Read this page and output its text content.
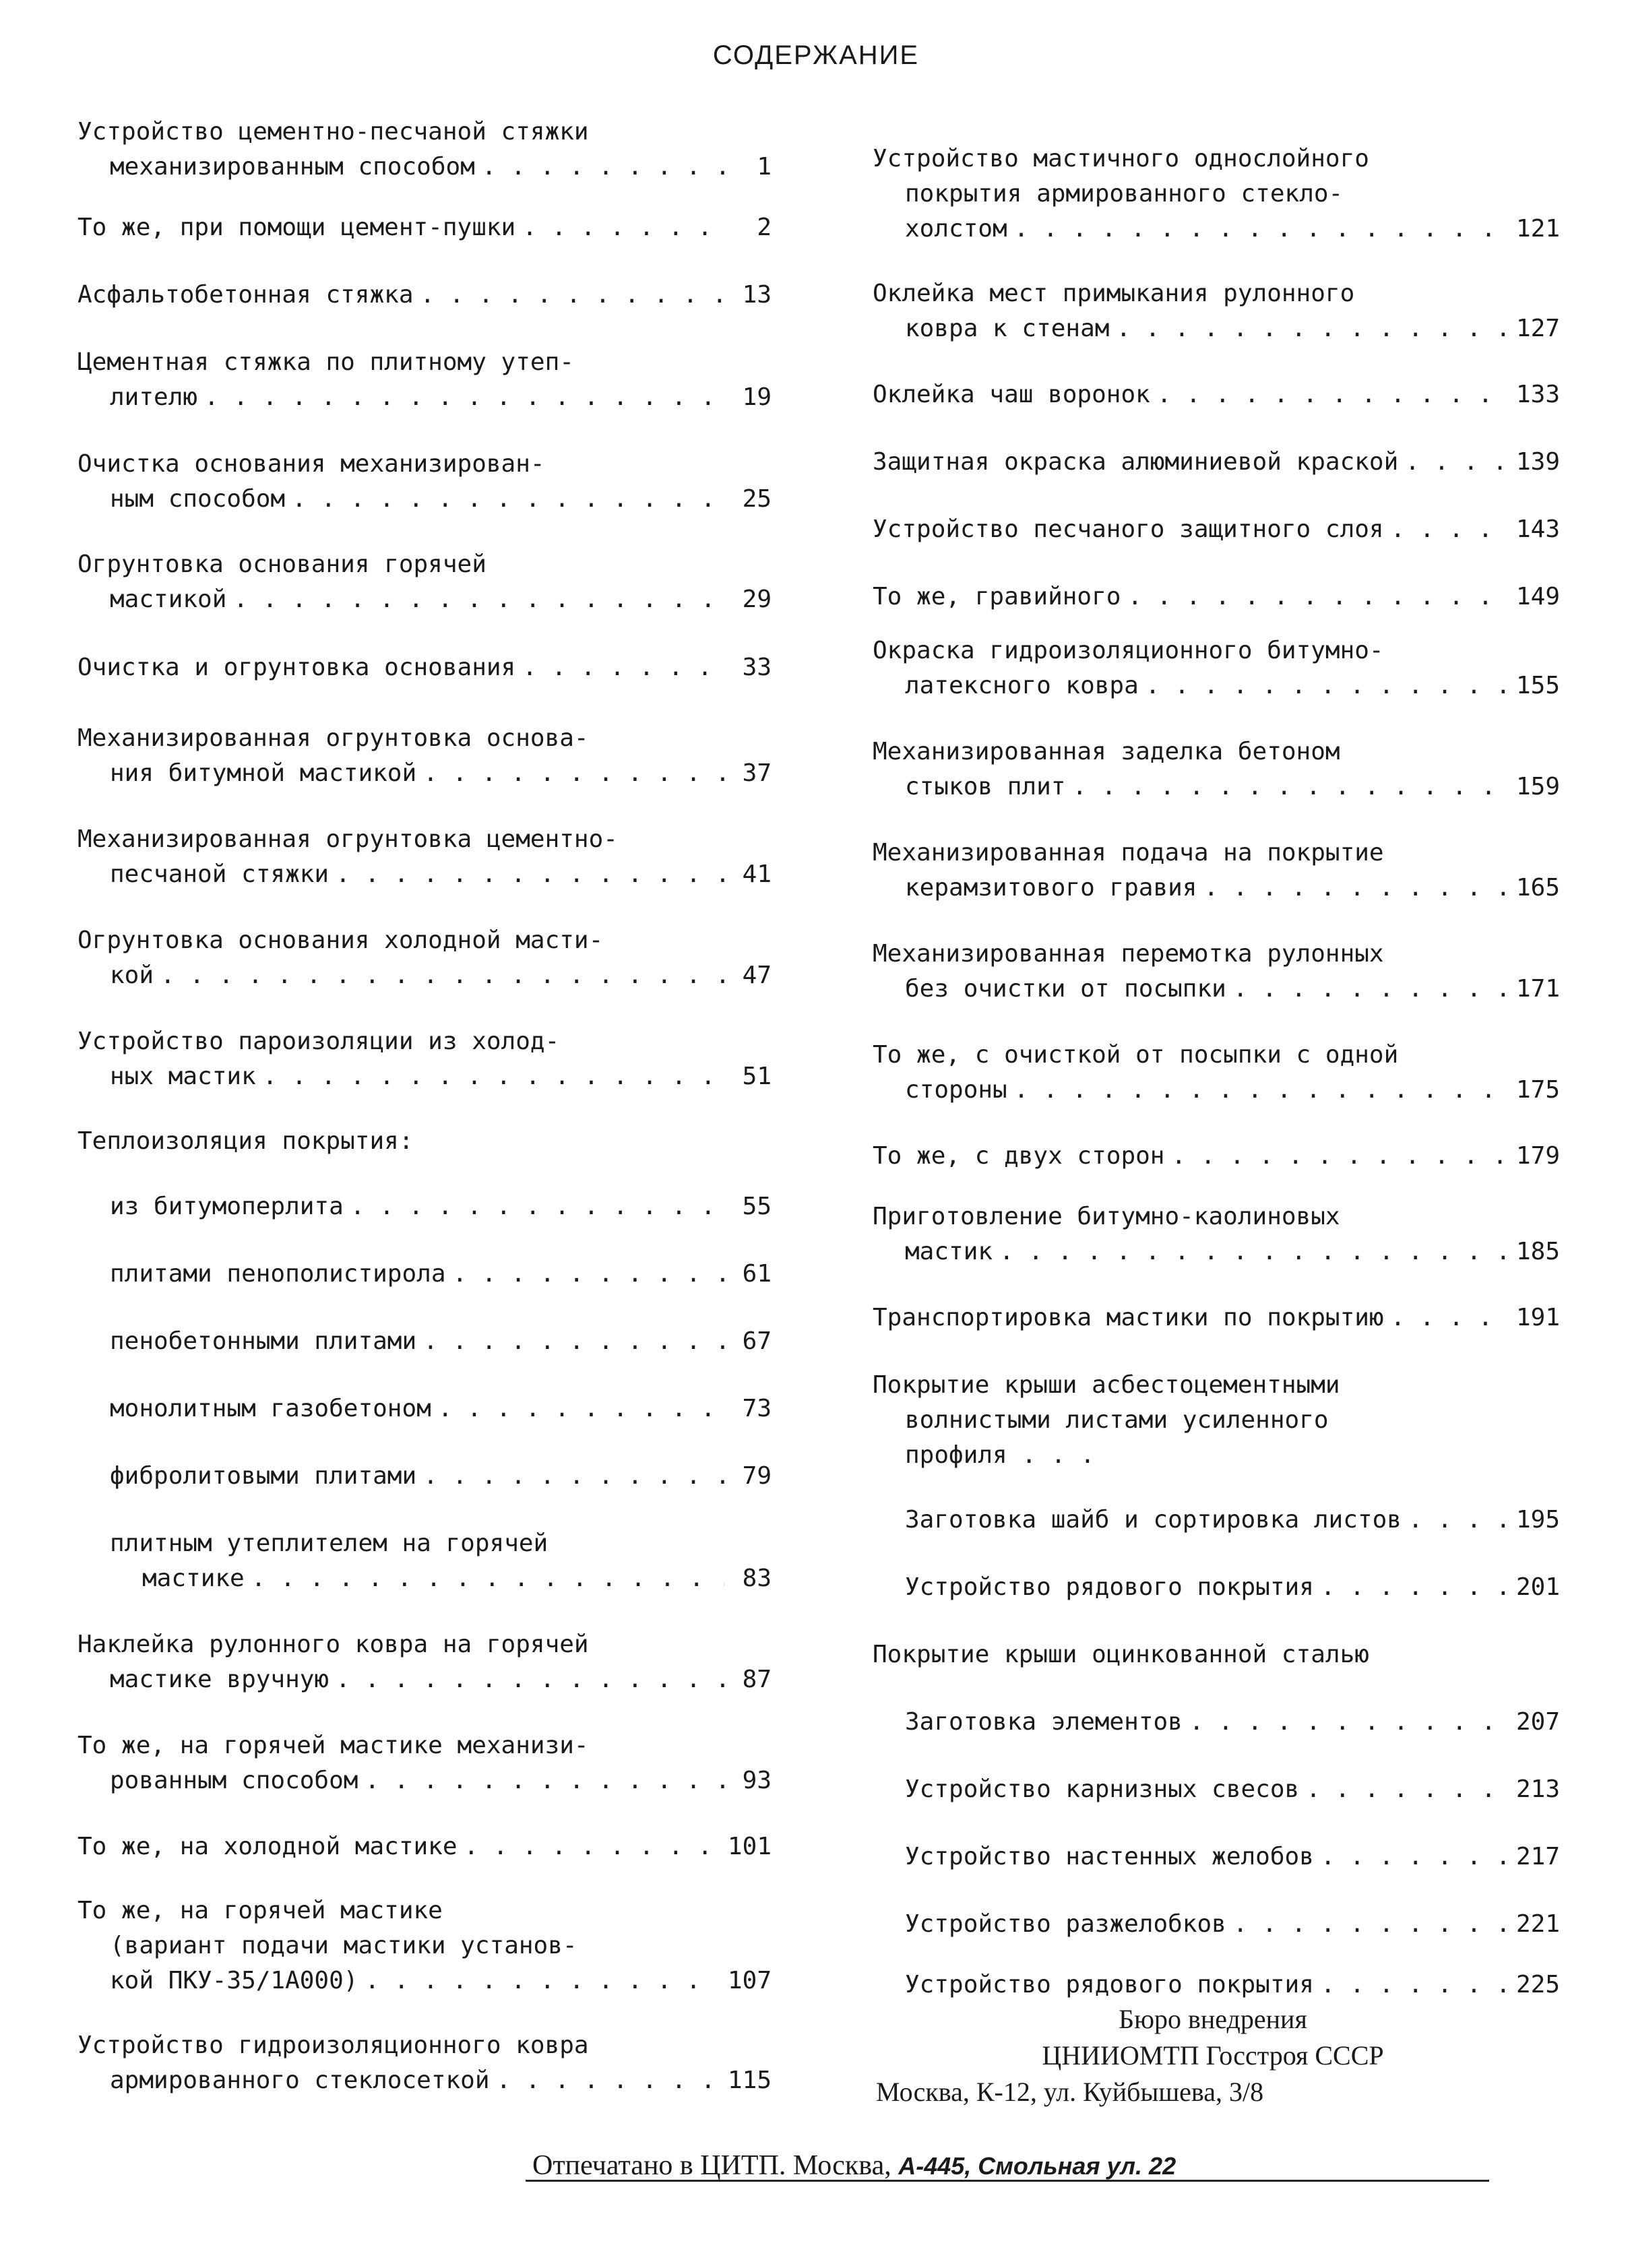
СОДЕРЖАНИЕ
Устройство цементно-песчаной стяжки
механизированным способом . . .	1
То же, при помощи цемент-пушки . . .	2
Асфальтобетонная стяжка . . .	13
Цементная стяжка по плитному утеп-
лителю . . .	19
Очистка основания механизирован-
ным способом . . .	25
Огрунтовка основания горячей
мастикой . . .	29
Очистка и огрунтовка основания . . .	33
Механизированная огрунтовка основа-
ния битумной мастикой . . .	37
Механизированная огрунтовка цементно-
песчаной стяжки . . .	41
Огрунтовка основания холодной масти-
кой . . .	47
Устройство пароизоляции из холод-
ных мастик . . .	51
Теплоизоляция покрытия:
из битумоперлита . . .	55
плитами пенополистирола . . .	61
пенобетонными плитами . . .	67
монолитным газобетоном . . .	73
фибролитовыми плитами . . .	79
плитным утеплителем на горячей
мастике . . .	83
Наклейка рулонного ковра на горячей
мастике вручную . . .	87
То же, на горячей мастике механизи-
рованным способом . . .	93
То же, на холодной мастике . . .	101
То же, на горячей мастике
(вариант подачи мастики установ-
кой ПКУ-35/1А000) . . .	107
Устройство гидроизоляционного ковра
армированного стеклосеткой . . .	115
Устройство мастичного однослойного
покрытия армированного стекло-
холстом . . .	121
Оклейка мест примыкания рулонного
ковра к стенам . . .	127
Оклейка чаш воронок . . .	133
Защитная окраска алюминиевой краской . . .	139
Устройство песчаного защитного слоя . . .	143
То же, гравийного . . .	149
Окраска гидроизоляционного битумно-
латексного ковра . . .	155
Механизированная заделка бетоном
стыков плит . . .	159
Механизированная подача на покрытие
керамзитового гравия . . .	165
Механизированная перемотка рулонных
без очистки от посыпки . . .	171
То же, с очисткой от посыпки с одной
стороны . . .	175
То же, с двух сторон . . .	179
Приготовление битумно-каолиновых
мастик . . .	185
Транспортировка мастики по покрытию . . .	191
Покрытие крыши асбестоцементными
волнистыми листами усиленного
профиля . . .
Заготовка шайб и сортировка листов . . .	195
Устройство рядового покрытия . . .	201
Покрытие крыши оцинкованной сталью
Заготовка элементов . . .	207
Устройство карнизных свесов . . .	213
Устройство настенных желобов . . .	217
Устройство разжелобков . . .	221
Устройство рядового покрытия . . .	225
Бюро внедрения
ЦНИИОМТП Госстроя СССР
Москва, К-12, ул. Куйбышева, 3/8
Отпечатано в ЦИТП. Москва, А-445, Смольная ул. 22
